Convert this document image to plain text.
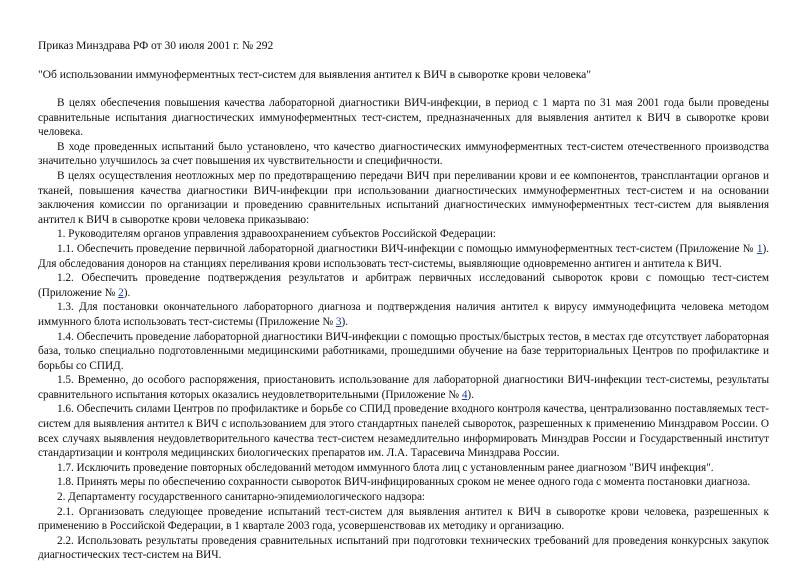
Приказ Минздрава РФ от 30 июля 2001 г. № 292

"Об использовании иммуноферментных тест-систем для выявления антител к ВИЧ в сыворотке крови человека"

В целях обеспечения повышения качества лабораторной диагностики ВИЧ-инфекции, в период с 1 марта по 31 мая 2001 года были проведены сравнительные испытания диагностических иммуноферментных тест-систем, предназначенных для выявления антител к ВИЧ в сыворотке крови человека.

В ходе проведенных испытаний было установлено, что качество диагностических иммуноферментных тест-систем отечественного производства значительно улучшилось за счет повышения их чувствительности и специфичности.

В целях осуществления неотложных мер по предотвращению передачи ВИЧ при переливании крови и ее компонентов, трансплантации органов и тканей, повышения качества диагностики ВИЧ-инфекции при использовании диагностических иммуноферментных тест-систем и на основании заключения комиссии по организации и проведению сравнительных испытаний диагностических иммуноферментных тест-систем для выявления антител к ВИЧ в сыворотке крови человека приказываю:

1. Руководителям органов управления здравоохранением субъектов Российской Федерации:

1.1. Обеспечить проведение первичной лабораторной диагностики ВИЧ-инфекции с помощью иммуноферментных тест-систем (Приложение № 1). Для обследования доноров на станциях переливания крови использовать тест-системы, выявляющие одновременно антиген и антитела к ВИЧ.

1.2. Обеспечить проведение подтверждения результатов и арбитраж первичных исследований сывороток крови с помощью тест-систем (Приложение № 2).

1.3. Для постановки окончательного лабораторного диагноза и подтверждения наличия антител к вирусу иммунодефицита человека методом иммунного блота использовать тест-системы (Приложение № 3).

1.4. Обеспечить проведение лабораторной диагностики ВИЧ-инфекции с помощью простых/быстрых тестов, в местах где отсутствует лабораторная база, только специально подготовленными медицинскими работниками, прошедшими обучение на базе территориальных Центров по профилактике и борьбы со СПИД.

1.5. Временно, до особого распоряжения, приостановить использование для лабораторной диагностики ВИЧ-инфекции тест-системы, результаты сравнительного испытания которых оказались неудовлетворительными (Приложение № 4).

1.6. Обеспечить силами Центров по профилактике и борьбе со СПИД проведение входного контроля качества, централизованно поставляемых тест-систем для выявления антител к ВИЧ с использованием для этого стандартных панелей сывороток, разрешенных к применению Минздравом России. О всех случаях выявления неудовлетворительного качества тест-систем незамедлительно информировать Минздрав России и Государственный институт стандартизации и контроля медицинских биологических препаратов им. Л.А. Тарасевича Минздрава России.

1.7. Исключить проведение повторных обследований методом иммунного блота лиц с установленным ранее диагнозом "ВИЧ инфекция".

1.8. Принять меры по обеспечению сохранности сывороток ВИЧ-инфицированных сроком не менее одного года с момента постановки диагноза.

2. Департаменту государственного санитарно-эпидемиологического надзора:

2.1. Организовать следующее проведение испытаний тест-систем для выявления антител к ВИЧ в сыворотке крови человека, разрешенных к применению в Российской Федерации, в 1 квартале 2003 года, усовершенствовав их методику и организацию.

2.2. Использовать результаты проведения сравнительных испытаний при подготовки технических требований для проведения конкурсных закупок диагностических тест-систем на ВИЧ.
